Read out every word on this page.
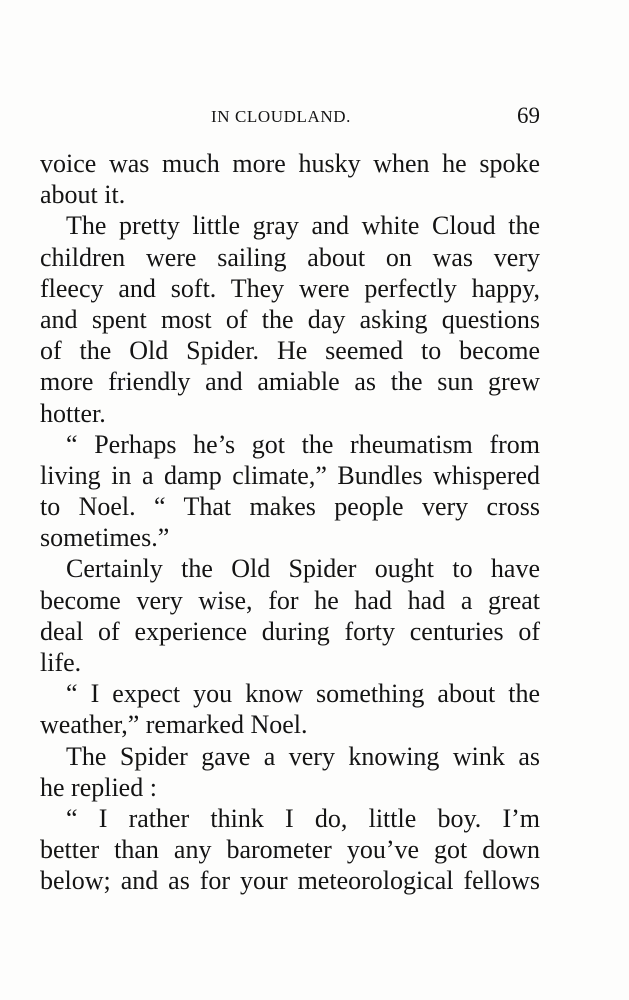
IN CLOUDLAND.	69
voice was much more husky when he spoke
about it.
The pretty little gray and white Cloud the
children were sailing about on was very
fleecy and soft. They were perfectly happy,
and spent most of the day asking questions
of the Old Spider. He seemed to become
more friendly and amiable as the sun grew
hotter.
“ Perhaps he’s got the rheumatism from
living in a damp climate,” Bundles whispered
to Noel. “ That makes people very cross
sometimes.”
Certainly the Old Spider ought to have
become very wise, for he had had a great
deal of experience during forty centuries of
life.
“ I expect you know something about the
weather,” remarked Noel.
The Spider gave a very knowing wink as
he replied :
“ I rather think I do, little boy. I’m
better than any barometer you’ve got down
below; and as for your meteorological fellows
